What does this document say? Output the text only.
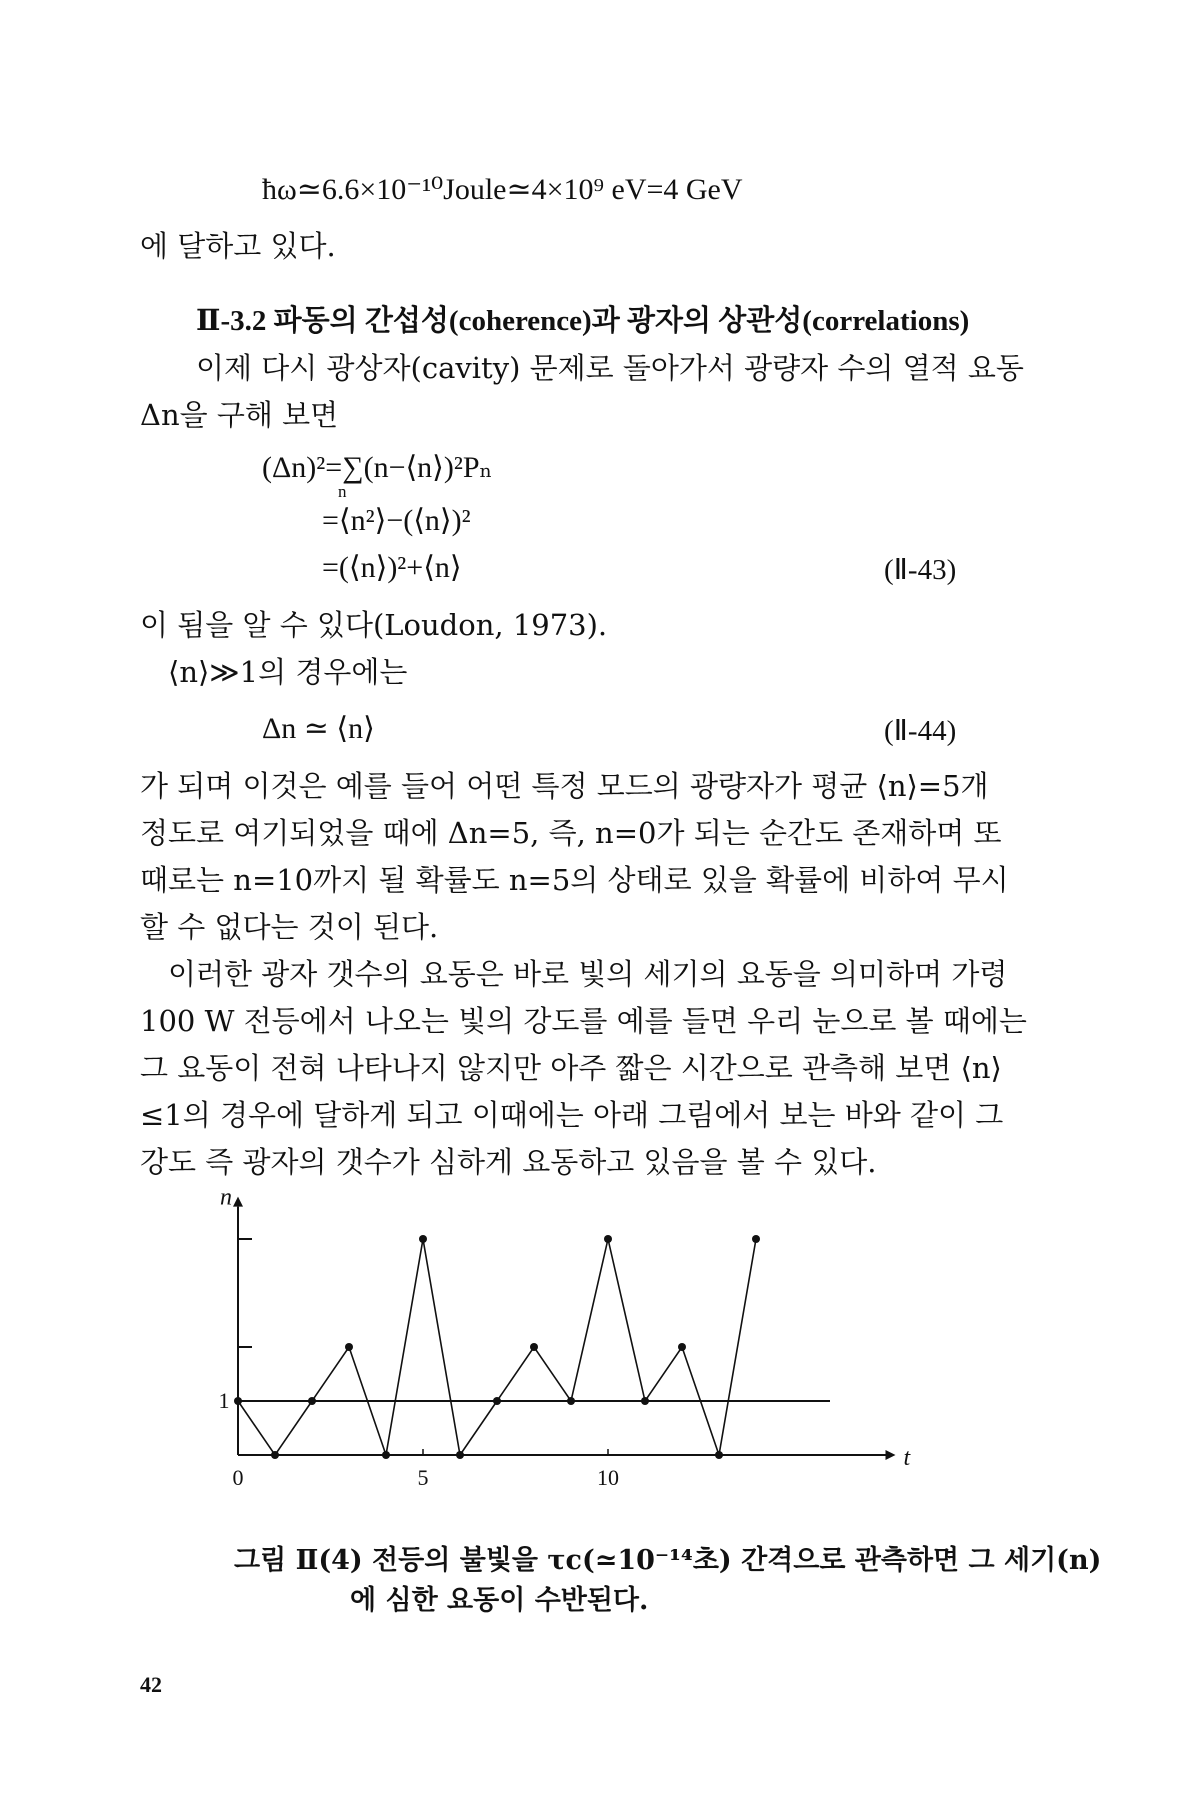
ħω≃6.6×10⁻¹⁰Joule≃4×10⁹ eV=4 GeV
에 달하고 있다.
Ⅱ-3.2 파동의 간섭성(coherence)과 광자의 상관성(correlations)
이제 다시 광상자(cavity) 문제로 돌아가서 광량자 수의 열적 요동
Δn을 구해 보면
(Δn)²=∑(n−⟨n⟩)²Pₙ
n
=⟨n²⟩−(⟨n⟩)²
=(⟨n⟩)²+⟨n⟩	(Ⅱ-43)
이 됨을 알 수 있다(Loudon, 1973).
⟨n⟩≫1의 경우에는
Δn ≃ ⟨n⟩	(Ⅱ-44)
가 되며 이것은 예를 들어 어떤 특정 모드의 광량자가 평균 ⟨n⟩=5개
정도로 여기되었을 때에 Δn=5, 즉, n=0가 되는 순간도 존재하며 또
때로는 n=10까지 될 확률도 n=5의 상태로 있을 확률에 비하여 무시
할 수 없다는 것이 된다.
이러한 광자 갯수의 요동은 바로 빛의 세기의 요동을 의미하며 가령
100 W 전등에서 나오는 빛의 강도를 예를 들면 우리 눈으로 볼 때에는
그 요동이 전혀 나타나지 않지만 아주 짧은 시간으로 관측해 보면 ⟨n⟩
≤1의 경우에 달하게 되고 이때에는 아래 그림에서 보는 바와 같이 그
강도 즉 광자의 갯수가 심하게 요동하고 있음을 볼 수 있다.
0	5	10
1
t
n
그림 Ⅱ(4) 전등의 불빛을 τc(≃10⁻¹⁴초) 간격으로 관측하면 그 세기(n)
에 심한 요동이 수반된다.
42
